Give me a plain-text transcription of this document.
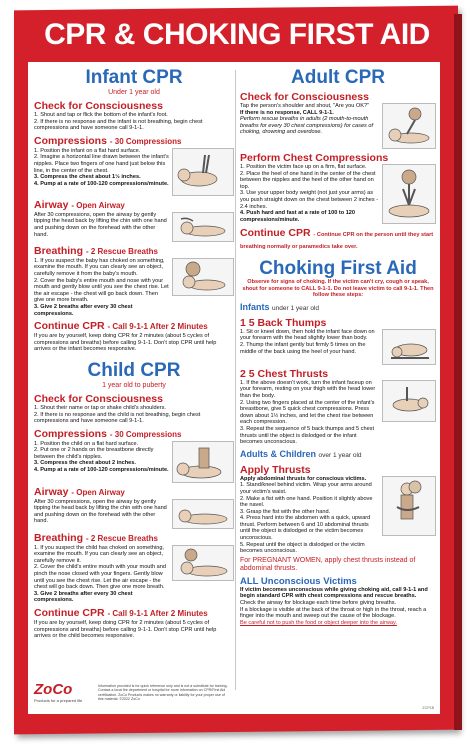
CPR & CHOKING FIRST AID
Infant CPR
Under 1 year old
Check for Consciousness
1. Shout and tap or flick the bottom of the infant's foot.
2. If there is no response and the infant is not breathing, begin chest compressions and have someone call 9-1-1.
Compressions - 30 Compressions
1. Position the infant on a flat hard surface.
2. Imagine a horizontal line drawn between the infant's nipples. Place two fingers of one hand just below this line, in the center of the chest.
3. Compress the chest about 1½ inches.
4. Pump at a rate of 100-120 compressions/minute.
Airway - Open Airway
After 30 compressions, open the airway by gently tipping the head back by lifting the chin with one hand and pushing down on the forehead with the other hand.
Breathing - 2 Rescue Breaths
1. If you suspect the baby has choked on something, examine the mouth. If you can clearly see an object, carefully remove it from the baby's mouth.
2. Cover the baby's entire mouth and nose with your mouth and gently blow until you see the chest rise. Let the air escape - the chest will go back down. Then give one more breath.
3. Give 2 breaths after every 30 chest compressions.
Continue CPR - Call 9-1-1 After 2 Minutes
If you are by yourself, keep doing CPR for 2 minutes (about 5 cycles of compressions and breaths) before calling 9-1-1. Don't stop CPR until help arrives or the infant becomes responsive.
Child CPR
1 year old to puberty
Check for Consciousness
1. Shout their name or tap or shake child's shoulders.
2. If there is no response and the child is not breathing, begin chest compressions and have someone call 9-1-1.
Compressions - 30 Compressions
1. Position the child on a flat hard surface.
2. Put one or 2 hands on the breastbone directly between the child's nipples.
3. Compress the chest about 2 inches.
4. Pump at a rate of 100-120 compressions/minute.
Airway - Open Airway
After 30 compressions, open the airway by gently tipping the head back by lifting the chin with one hand and pushing down on the forehead with the other hand.
Breathing - 2 Rescue Breaths
1. If you suspect the child has choked on something, examine the mouth. If you can clearly see an object, carefully remove it.
2. Cover the child's entire mouth with your mouth and pinch the nose closed with your fingers. Gently blow until you see the chest rise. Let the air escape - the chest will go back down. Then give one more breath.
3. Give 2 breaths after every 30 chest compressions.
Continue CPR - Call 9-1-1 After 2 Minutes
If you are by yourself, keep doing CPR for 2 minutes (about 5 cycles of compressions and breaths) before calling 9-1-1. Don't stop CPR until help arrives or the child becomes responsive.
Adult CPR
Check for Consciousness
Tap the person's shoulder and shout, "Are you OK?"
If there is no response, CALL 9-1-1.
Perform rescue breaths in adults (2 mouth-to-mouth breaths for every 30 chest compressions) for cases of choking, drowning and overdose.
Perform Chest Compressions
1. Position the victim face up on a firm, flat surface.
2. Place the heel of one hand in the center of the chest between the nipples and the heel of the other hand on top.
3. Use your upper body weight (not just your arms) as you push straight down on the chest between 2 inches - 2.4 inches.
4. Push hard and fast at a rate of 100 to 120 compressions/minute.
Continue CPR - Continue CPR on the person until they start breathing normally or paramedics take over.
Choking First Aid
Observe for signs of choking. If the victim can't cry, cough or speak, shout for someone to CALL 9-1-1. Do not leave victim to call 9-1-1. Then follow these steps:
Infants under 1 year old
1 5 Back Thumps
1. Sit or kneel down, then hold the infant face down on your forearm with the head slightly lower than body.
2. Thump the infant gently but firmly 5 times on the middle of the back using the heel of your hand.
2 5 Chest Thrusts
1. If the above doesn't work, turn the infant faceup on your forearm, resting on your thigh with the head lower than the body.
2. Using two fingers placed at the center of the infant's breastbone, give 5 quick chest compressions. Press down about 1½ inches, and let the chest rise between each compression.
3. Repeat the sequence of 5 back thumps and 5 chest thrusts until the object is dislodged or the infant becomes unconscious.
Adults & Children over 1 year old
Apply Thrusts
Apply abdominal thrusts for conscious victims.
1. Stand/kneel behind victim. Wrap your arms around your victim's waist.
2. Make a fist with one hand. Position it slightly above the navel.
3. Grasp the fist with the other hand.
4. Press hard into the abdomen with a quick, upward thrust. Perform between 6 and 10 abdominal thrusts until the object is dislodged or the victim becomes unconscious.
5. Repeat until the object is dislodged or the victim becomes unconscious.
For PREGNANT WOMEN, apply chest thrusts instead of abdominal thrusts.
ALL Unconscious Victims
If victim becomes unconscious while giving choking aid, call 9-1-1 and begin standard CPR with chest compressions and rescue breaths.
Check the airway for blockage each time before giving breaths.
If a blockage is visible at the back of the throat or high in the throat, reach a finger into the mouth and sweep out the cause of the blockage.
Be careful not to push the food or object deeper into the airway.
ZoCo
Products for a prepared life
Information provided is for quick reference only and is not a substitute for training. Contact a local fire department or hospital for more information on CPR/First Aid certification. ZoCo Products makes no warranty or liability for your proper use of this material. ©2022 ZoCo
ZCP1B
